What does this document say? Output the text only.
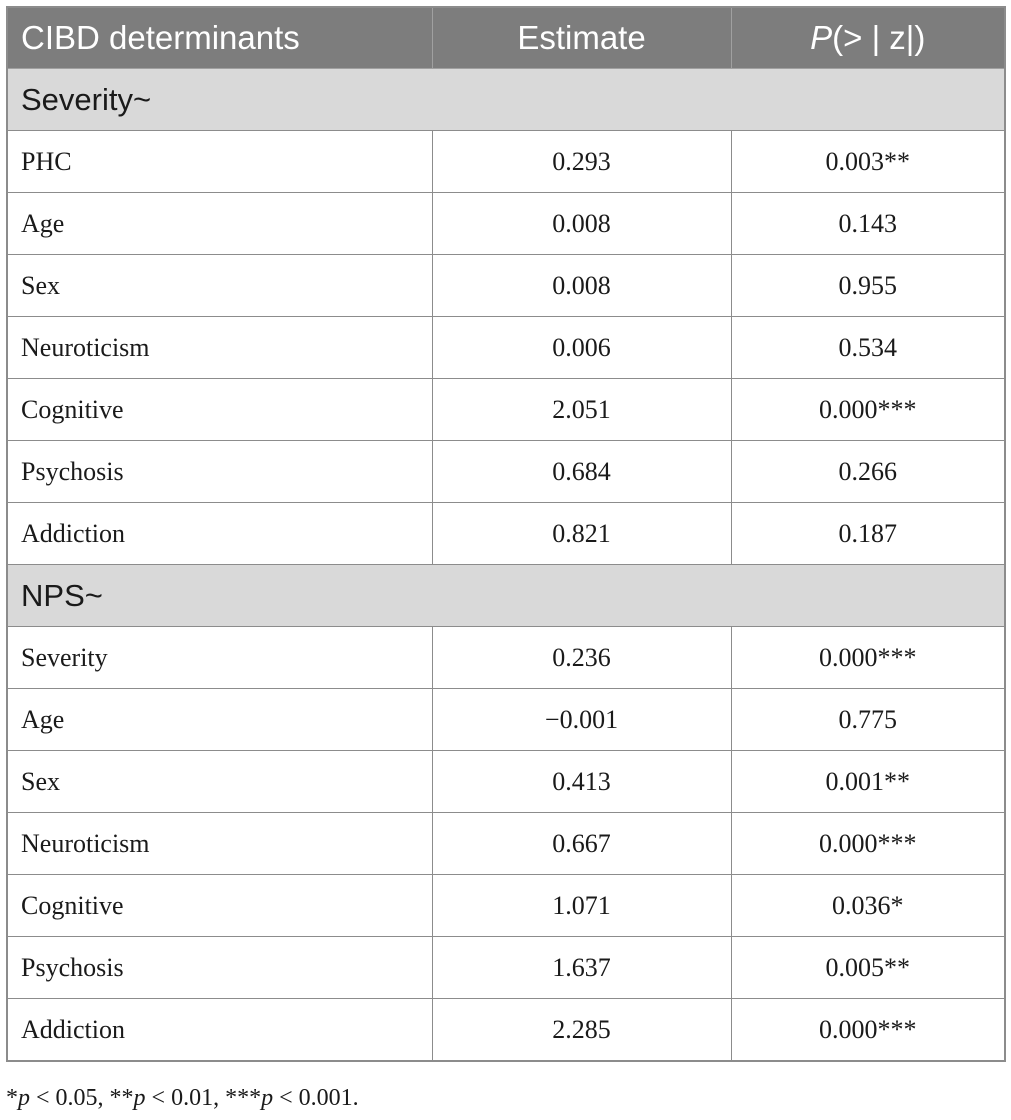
CIBD determinants	Estimate	P(> | z|)
Severity~		
PHC	0.293	0.003**
Age	0.008	0.143
Sex	0.008	0.955
Neuroticism	0.006	0.534
Cognitive	2.051	0.000***
Psychosis	0.684	0.266
Addiction	0.821	0.187
NPS~		
Severity	0.236	0.000***
Age	−0.001	0.775
Sex	0.413	0.001**
Neuroticism	0.667	0.000***
Cognitive	1.071	0.036*
Psychosis	1.637	0.005**
Addiction	2.285	0.000***
*p < 0.05, **p < 0.01, ***p < 0.001.
